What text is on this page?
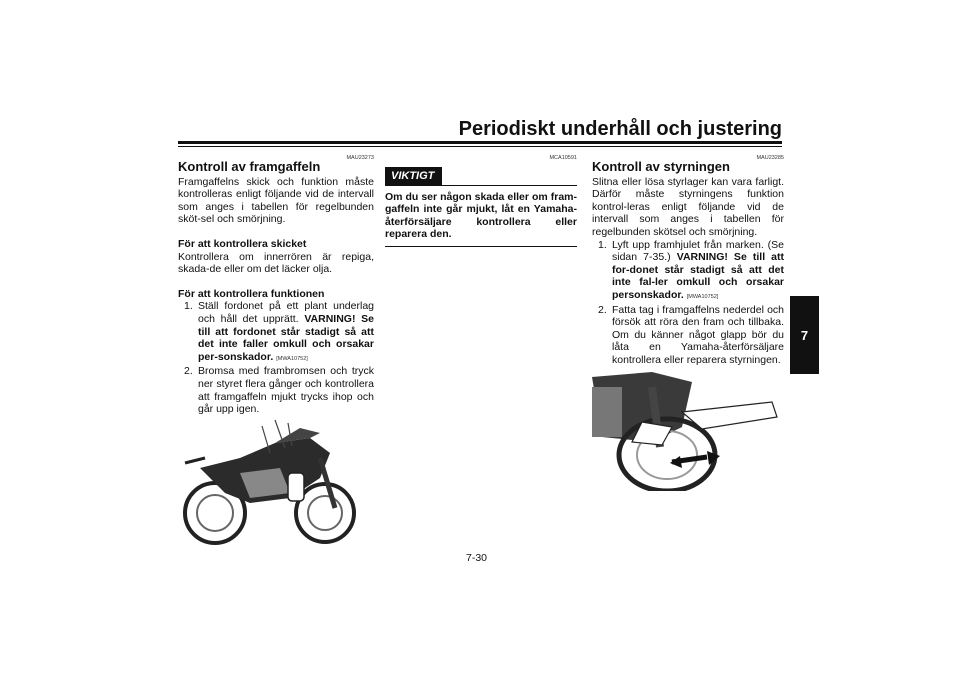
Periodiskt underhåll och justering
7
MAU23273
Kontroll av framgaffeln

Framgaffelns skick och funktion måste kontrolleras enligt följande vid de intervall som anges i tabellen för regelbunden sköt-sel och smörjning.

För att kontrollera skicket

Kontrollera om innerrören är repiga, skada-de eller om det läcker olja.

För att kontrollera funktionen

1. Ställ fordonet på ett plant underlag och håll det upprätt. VARNING! Se till att fordonet står stadigt så att det inte faller omkull och orsakar per-sonskador. [MWA10752]
2. Bromsa med frambromsen och tryck ner styret flera gånger och kontrollera att framgaffeln mjukt trycks ihop och går upp igen.
MCA10591
VIKTIGT
Om du ser någon skada eller om fram-gaffeln inte går mjukt, låt en Yamaha-återförsäljare kontrollera eller reparera den.
MAU23285
Kontroll av styrningen

Slitna eller lösa styrlager kan vara farligt. Därför måste styrningens funktion kontrol-leras enligt följande vid de intervall som anges i tabellen för regelbunden skötsel och smörjning.

1. Lyft upp framhjulet från marken. (Se sidan 7-35.) VARNING! Se till att for-donet står stadigt så att det inte fal-ler omkull och orsakar personskador. [MWA10752]
2. Fatta tag i framgaffelns nederdel och försök att röra den fram och tillbaka. Om du känner något glapp bör du låta en Yamaha-återförsäljare kontrollera eller reparera styrningen.
7-30
